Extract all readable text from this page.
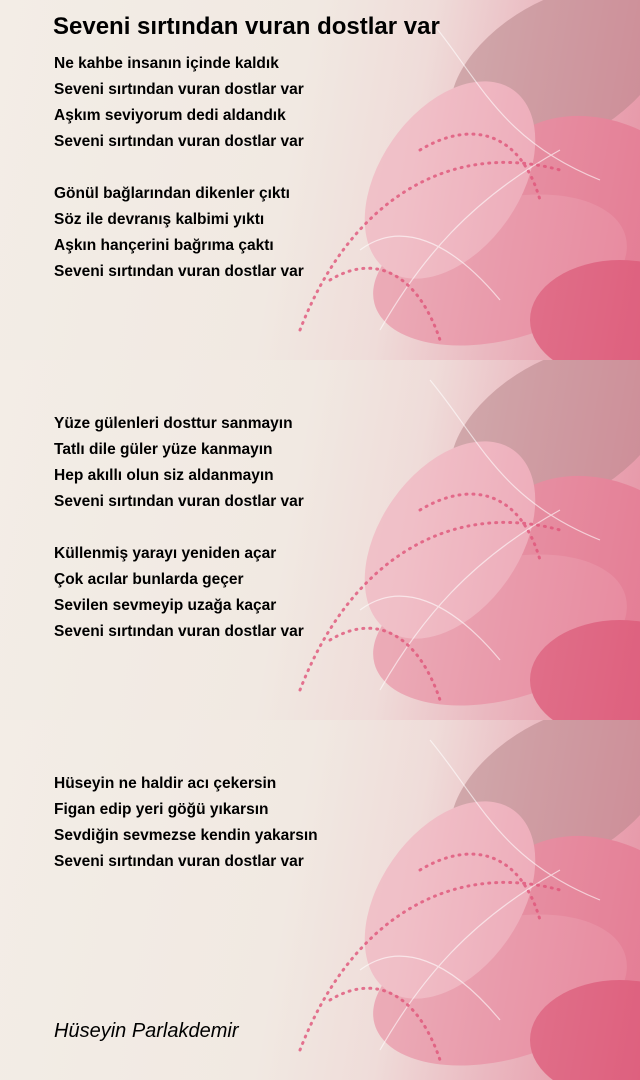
Seveni sırtından vuran dostlar var
Ne kahbe insanın içinde kaldık
Seveni sırtından vuran dostlar var
Aşkım seviyorum dedi aldandık
Seveni sırtından vuran dostlar var
Gönül bağlarından dikenler çıktı
Söz ile devranış kalbimi yıktı
Aşkın hançerini bağrıma çaktı
Seveni sırtından vuran dostlar var
Yüze gülenleri dosttur sanmayın
Tatlı dile güler yüze kanmayın
Hep akıllı olun siz aldanmayın
Seveni sırtından vuran dostlar var
Küllenmiş yarayı yeniden açar
Çok acılar bunlarda geçer
Sevilen sevmeyip uzağa kaçar
Seveni sırtından vuran dostlar var
Hüseyin ne haldir acı çekersin
Figan edip yeri göğü yıkarsın
Sevdiğin sevmezse kendin yakarsın
Seveni sırtından vuran dostlar var
Hüseyin Parlakdemir
